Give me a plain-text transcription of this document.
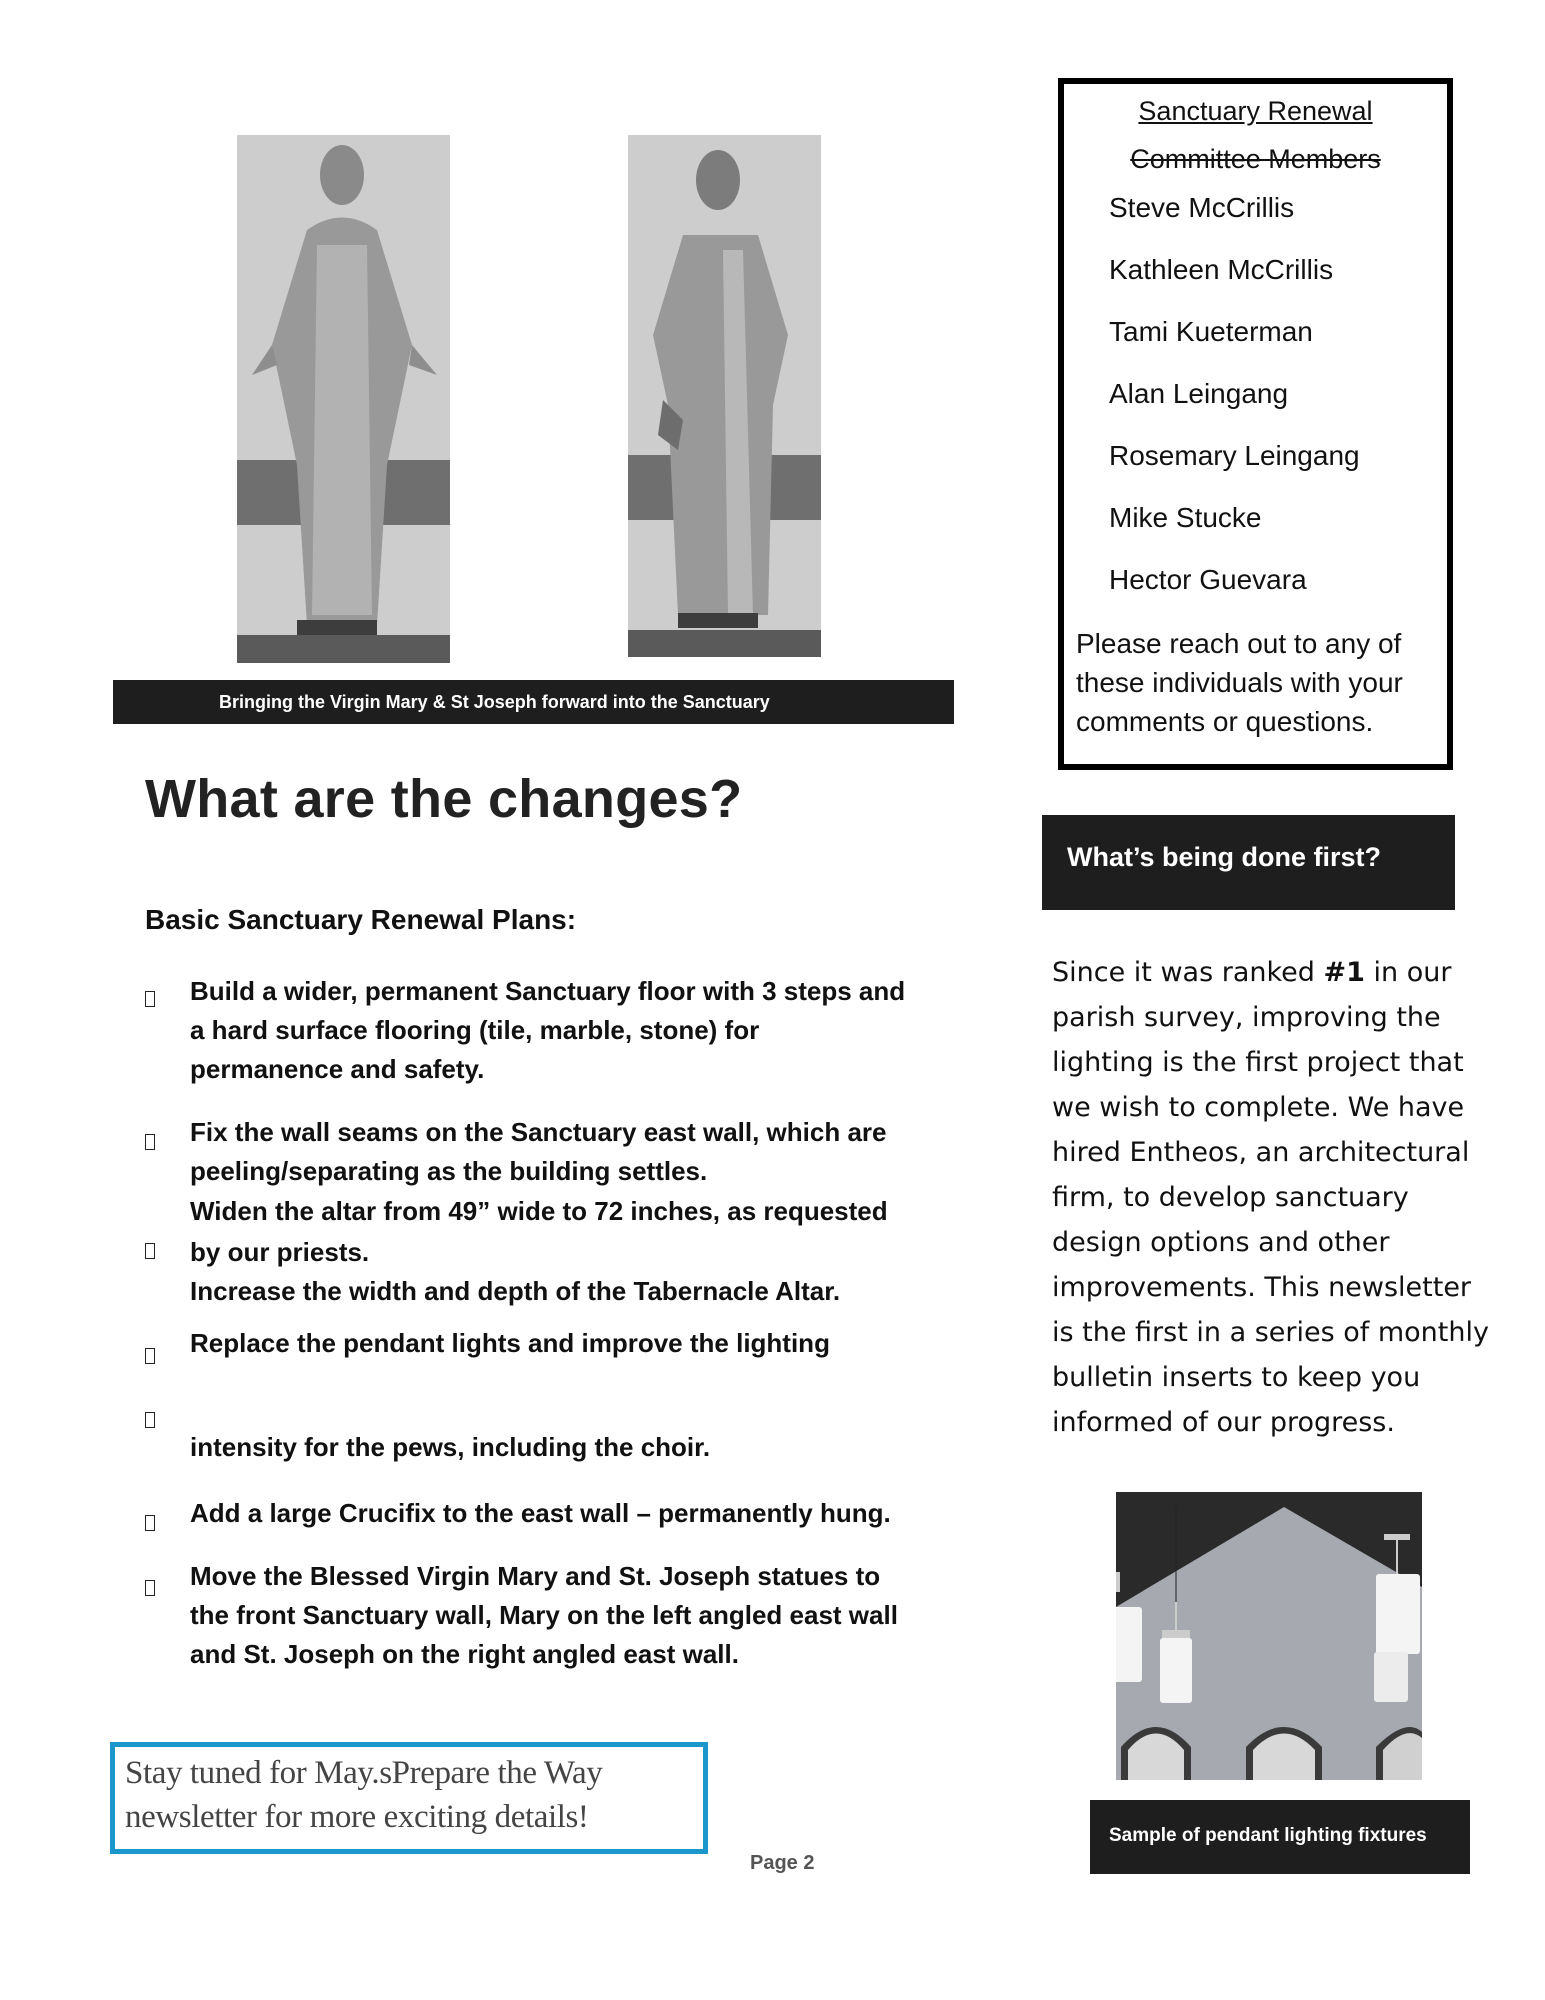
Bringing the Virgin Mary & St Joseph forward into the Sanctuary
What are the changes?
Basic Sanctuary Renewal Plans:
Build a wider, permanent Sanctuary floor with 3 steps and
a hard surface flooring (tile, marble, stone) for
permanence and safety.
Fix the wall seams on the Sanctuary east wall, which are
peeling/separating as the building settles.
Widen the altar from 49” wide to 72 inches, as requested
by our priests.
Increase the width and depth of the Tabernacle Altar.
Replace the pendant lights and improve the lighting
intensity for the pews, including the choir.
Add a large Crucifix to the east wall – permanently hung.
Move the Blessed Virgin Mary and St. Joseph statues to
the front Sanctuary wall, Mary on the left angled east wall
and St. Joseph on the right angled east wall.
Stay tuned for May.sPrepare the Way
newsletter for more exciting details!
Page 2
Sanctuary Renewal
Committee Members
Steve McCrillis
Kathleen McCrillis
Tami Kueterman
Alan Leingang
Rosemary Leingang
Mike Stucke
Hector Guevara
Please reach out to any of these individuals with your comments or questions.
What’s being done first?
Since it was ranked #1 in our parish survey, improving the lighting is the first project that we wish to complete. We have hired Entheos, an architectural firm, to develop sanctuary design options and other improvements. This newsletter is the first in a series of monthly bulletin inserts to keep you informed of our progress.
Sample of pendant lighting fixtures
